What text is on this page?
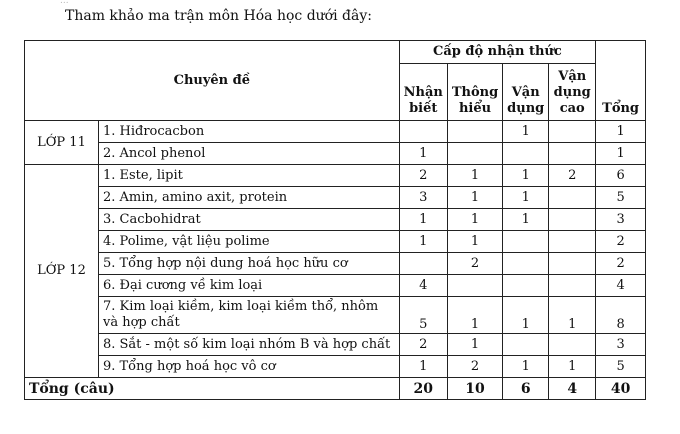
...
Tham khảo ma trận môn Hóa học dưới đây:
Chuyên đề		Cấp độ nhận thức				Tổng
		Nhận biết	Thông hiểu	Vận dụng	Vận dụng cao	
LỚP 11	1. Hiđrocacbon			1		1
	2. Ancol phenol	1				1
LỚP 12	1. Este, lipit	2	1	1	2	6
	2. Amin, amino axit, protein	3	1	1		5
	3. Cacbohidrat	1	1	1		3
	4. Polime, vật liệu polime	1	1			2
	5. Tổng hợp nội dung hoá học hữu cơ		2			2
	6. Đại cương về kim loại	4				4
	7. Kim loại kiềm, kim loại kiềm thổ, nhôm và hợp chất	5	1	1	1	8
	8. Sắt - một số kim loại nhóm B và hợp chất	2	1			3
	9. Tổng hợp hoá học vô cơ	1	2	1	1	5
Tổng (câu)		20	10	6	4	40
